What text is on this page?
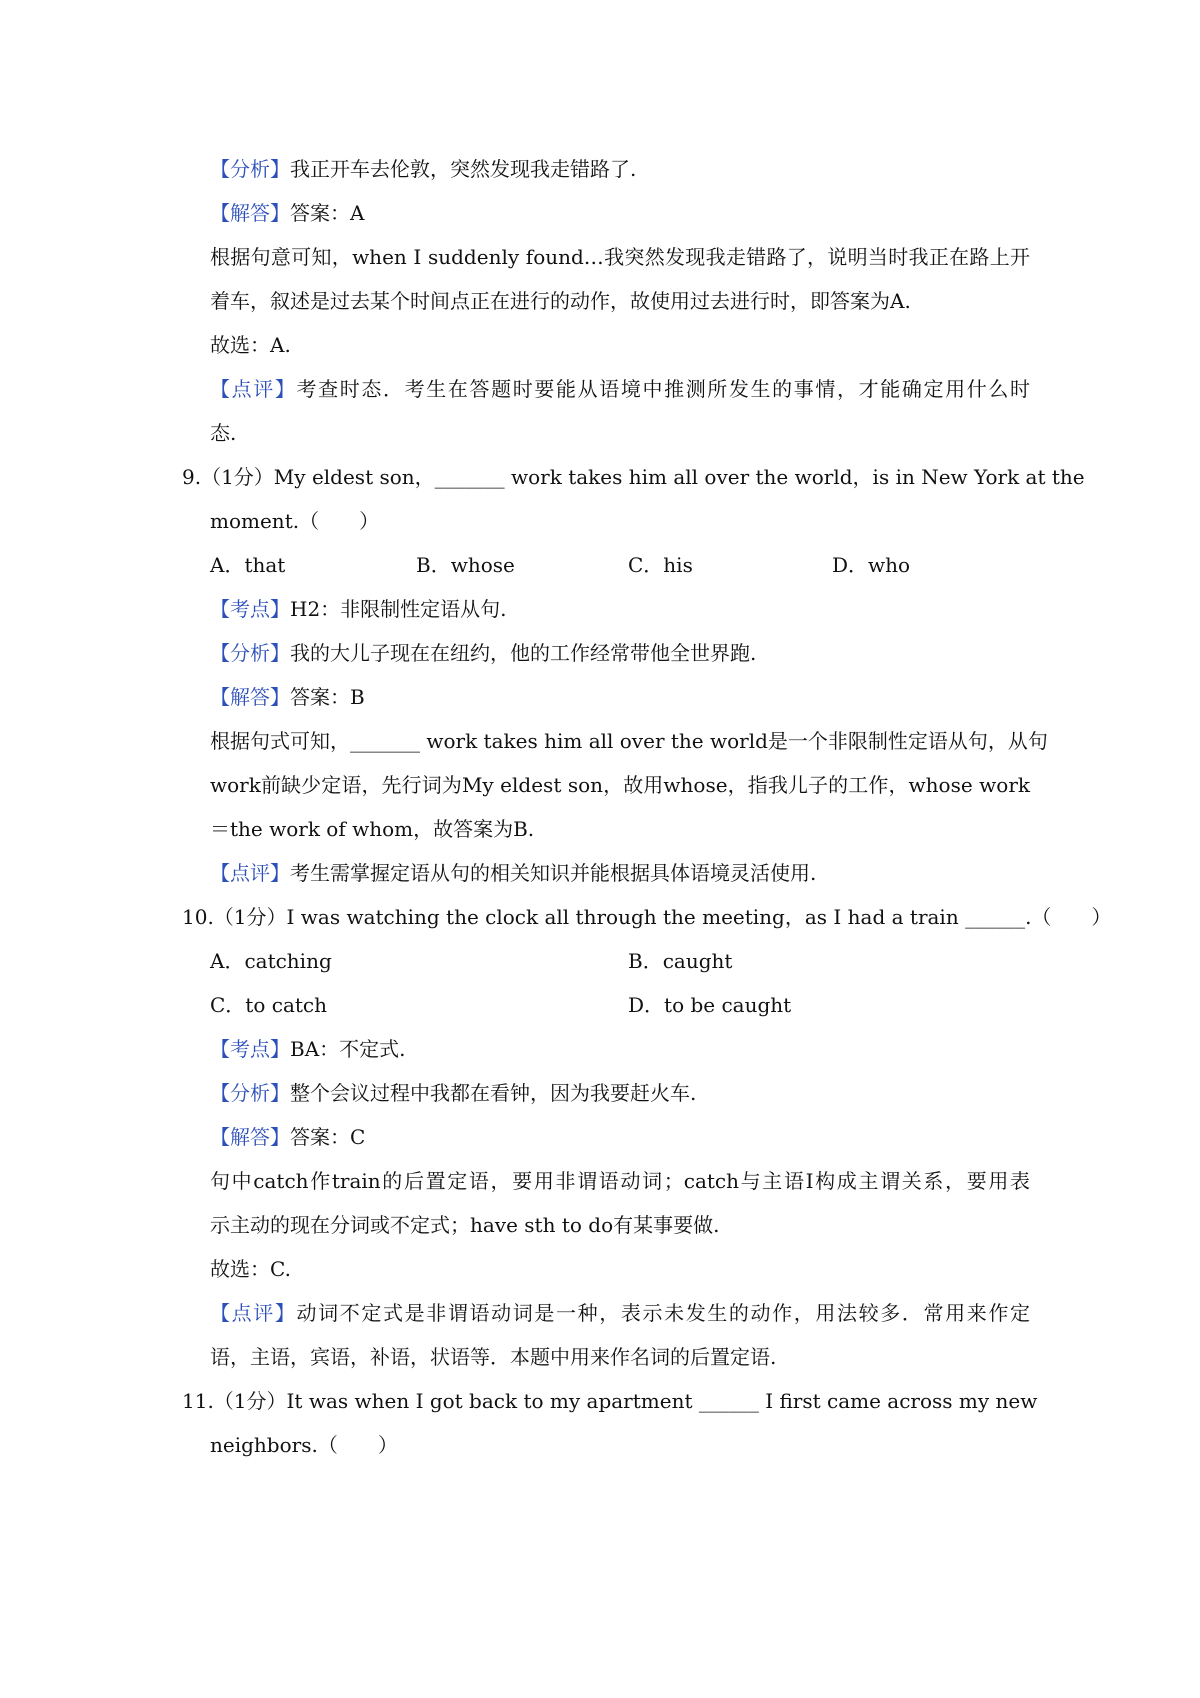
【分析】我正开车去伦敦，突然发现我走错路了.
【解答】答案：A
根据句意可知，when I suddenly found…我突然发现我走错路了，说明当时我正在路上开
着车，叙述是过去某个时间点正在进行的动作，故使用过去进行时，即答案为A.
故选：A.
【点评】考查时态．考生在答题时要能从语境中推测所发生的事情，才能确定用什么时
态.
9.（1分）My eldest son，_______ work takes him all over the world，is in New York at the
moment.（　　）
A．that	B．whose	C．his	D．who
【考点】H2：非限制性定语从句.
【分析】我的大儿子现在在纽约，他的工作经常带他全世界跑.
【解答】答案：B
根据句式可知，_______ work takes him all over the world是一个非限制性定语从句，从句
work前缺少定语，先行词为My eldest son，故用whose，指我儿子的工作，whose work
＝the work of whom，故答案为B.
【点评】考生需掌握定语从句的相关知识并能根据具体语境灵活使用.
10.（1分）I was watching the clock all through the meeting，as I had a train ______.（　　）
A．catching	B．caught
C．to catch	D．to be caught
【考点】BA：不定式.
【分析】整个会议过程中我都在看钟，因为我要赶火车.
【解答】答案：C
句中catch作train的后置定语，要用非谓语动词；catch与主语I构成主谓关系，要用表
示主动的现在分词或不定式；have sth to do有某事要做.
故选：C.
【点评】动词不定式是非谓语动词是一种，表示未发生的动作，用法较多．常用来作定
语，主语，宾语，补语，状语等．本题中用来作名词的后置定语.
11.（1分）It was when I got back to my apartment ______ I first came across my new
neighbors.（　　）
